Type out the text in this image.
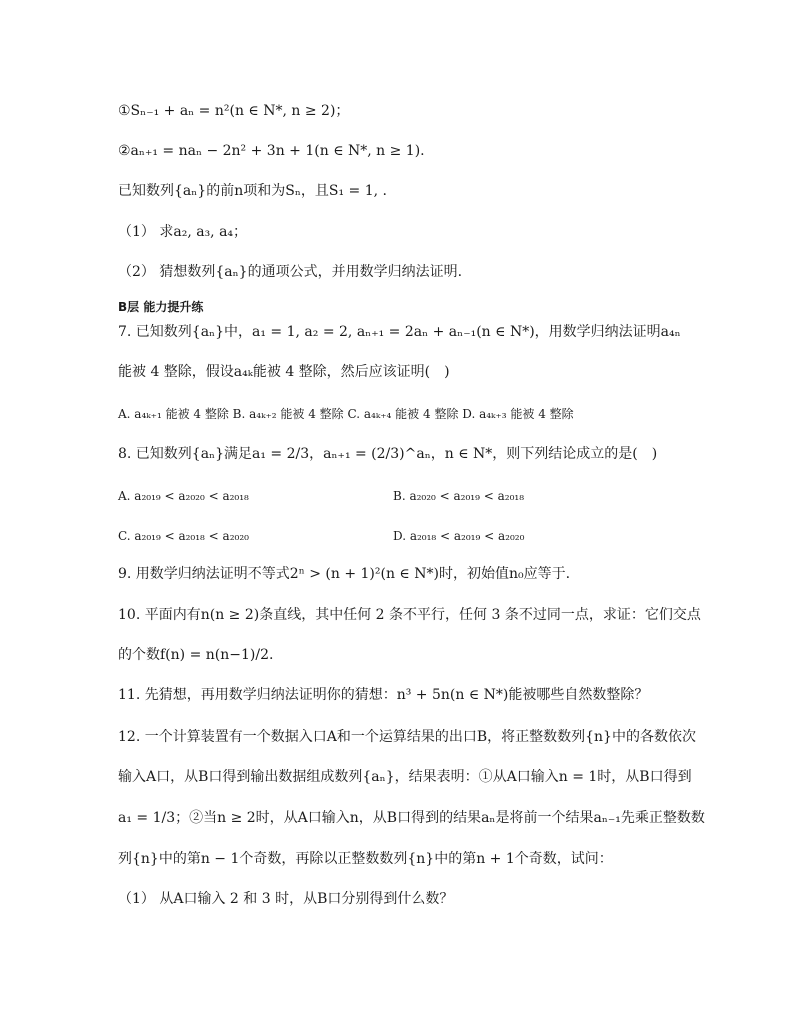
①Sₙ₋₁ + aₙ = n²(n ∈ N*, n ≥ 2)；
②aₙ₊₁ = naₙ − 2n² + 3n + 1(n ∈ N*, n ≥ 1).
已知数列{aₙ}的前n项和为Sₙ，且S₁ = 1, .
（1） 求a₂, a₃, a₄；
（2） 猜想数列{aₙ}的通项公式，并用数学归纳法证明.
B层 能力提升练
7. 已知数列{aₙ}中，a₁ = 1, a₂ = 2, aₙ₊₁ = 2aₙ + aₙ₋₁(n ∈ N*)，用数学归纳法证明a₄ₙ
能被 4 整除，假设a₄ₖ能被 4 整除，然后应该证明(　)
A. a₄ₖ₊₁ 能被 4 整除 B. a₄ₖ₊₂ 能被 4 整除 C. a₄ₖ₊₄ 能被 4 整除 D. a₄ₖ₊₃ 能被 4 整除
8. 已知数列{aₙ}满足a₁ = 2/3，aₙ₊₁ = (2/3)^aₙ，n ∈ N*，则下列结论成立的是(　)
A. a₂₀₁₉ < a₂₀₂₀ < a₂₀₁₈	B. a₂₀₂₀ < a₂₀₁₉ < a₂₀₁₈
C. a₂₀₁₉ < a₂₀₁₈ < a₂₀₂₀	D. a₂₀₁₈ < a₂₀₁₉ < a₂₀₂₀
9. 用数学归纳法证明不等式2ⁿ > (n + 1)²(n ∈ N*)时，初始值n₀应等于.
10. 平面内有n(n ≥ 2)条直线，其中任何 2 条不平行，任何 3 条不过同一点，求证：它们交点
的个数f(n) = n(n−1)/2.
11. 先猜想，再用数学归纳法证明你的猜想：n³ + 5n(n ∈ N*)能被哪些自然数整除？
12. 一个计算装置有一个数据入口A和一个运算结果的出口B，将正整数数列{n}中的各数依次
输入A口，从B口得到输出数据组成数列{aₙ}，结果表明：①从A口输入n = 1时，从B口得到
a₁ = 1/3；②当n ≥ 2时，从A口输入n，从B口得到的结果aₙ是将前一个结果aₙ₋₁先乘正整数数
列{n}中的第n − 1个奇数，再除以正整数数列{n}中的第n + 1个奇数，试问：
（1） 从A口输入 2 和 3 时，从B口分别得到什么数？
